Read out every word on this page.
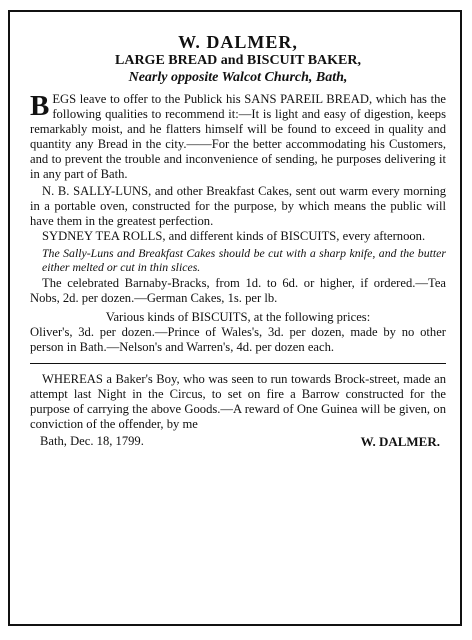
W. DALMER,
LARGE BREAD and BISCUIT BAKER,
Nearly opposite Walcot Church, Bath,

BEGS leave to offer to the Publick his SANS PAREIL BREAD, which has the following qualities to recommend it:—It is light and easy of digestion, keeps remarkably moist, and he flatters himself will be found to exceed in quality and quantity any Bread in the city.——For the better accommodating his Customers, and to prevent the trouble and inconvenience of sending, he purposes delivering it in any part of Bath.

N. B. SALLY-LUNS, and other Breakfast Cakes, sent out warm every morning in a portable oven, constructed for the purpose, by which means the public will have them in the greatest perfection.

SYDNEY TEA ROLLS, and different kinds of BISCUITS, every afternoon.

The Sally-Luns and Breakfast Cakes should be cut with a sharp knife, and the butter either melted or cut in thin slices.

The celebrated Barnaby-Bracks, from 1d. to 6d. or higher, if ordered.—Tea Nobs, 2d. per dozen.—German Cakes, 1s. per lb.

Various kinds of BISCUITS, at the following prices:

Oliver's, 3d. per dozen.—Prince of Wales's, 3d. per dozen, made by no other person in Bath.—Nelson's and Warren's, 4d. per dozen each.

WHEREAS a Baker's Boy, who was seen to run towards Brock-street, made an attempt last Night in the Circus, to set on fire a Barrow constructed for the purpose of carrying the above Goods.—A reward of One Guinea will be given, on conviction of the offender, by me

Bath, Dec. 18, 1799.	W. DALMER.
